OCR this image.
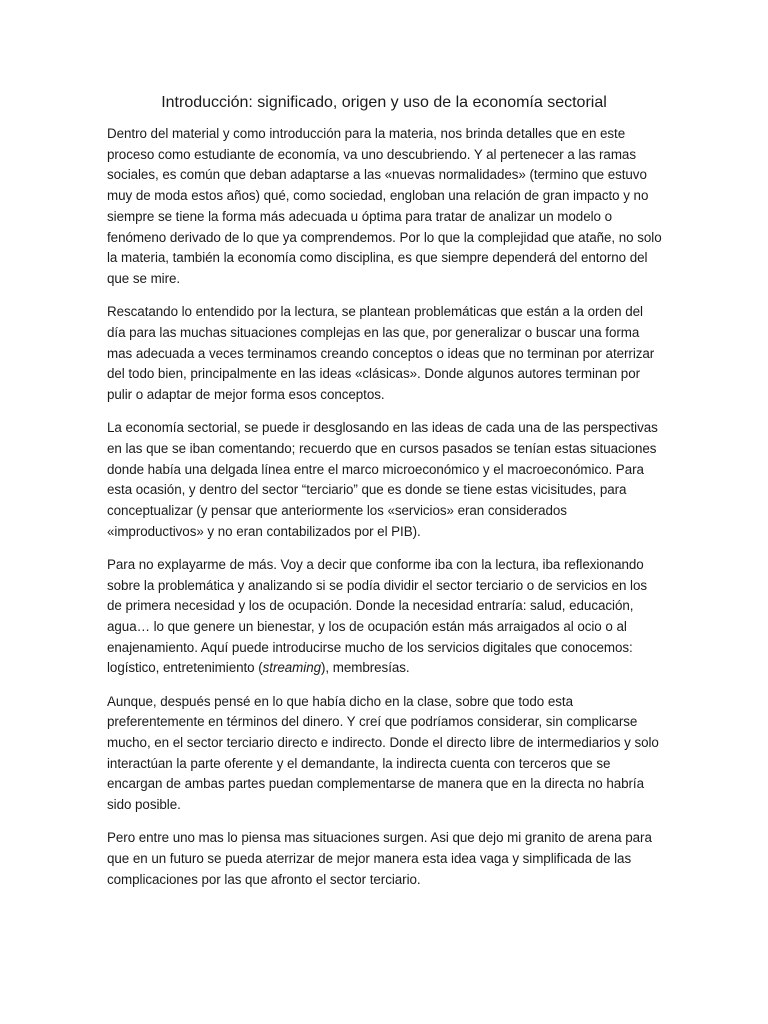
Introducción: significado, origen y uso de la economía sectorial

Dentro del material y como introducción para la materia, nos brinda detalles que en este proceso como estudiante de economía, va uno descubriendo. Y al pertenecer a las ramas sociales, es común que deban adaptarse a las «nuevas normalidades» (termino que estuvo muy de moda estos años) qué, como sociedad, engloban una relación de gran impacto y no siempre se tiene la forma más adecuada u óptima para tratar de analizar un modelo o fenómeno derivado de lo que ya comprendemos. Por lo que la complejidad que atañe, no solo la materia, también la economía como disciplina, es que siempre dependerá del entorno del que se mire.

Rescatando lo entendido por la lectura, se plantean problemáticas que están a la orden del día para las muchas situaciones complejas en las que, por generalizar o buscar una forma mas adecuada a veces terminamos creando conceptos o ideas que no terminan por aterrizar del todo bien, principalmente en las ideas «clásicas». Donde algunos autores terminan por pulir o adaptar de mejor forma esos conceptos.

La economía sectorial, se puede ir desglosando en las ideas de cada una de las perspectivas en las que se iban comentando; recuerdo que en cursos pasados se tenían estas situaciones donde había una delgada línea entre el marco microeconómico y el macroeconómico. Para esta ocasión, y dentro del sector “terciario” que es donde se tiene estas vicisitudes, para conceptualizar (y pensar que anteriormente los «servicios» eran considerados «improductivos» y no eran contabilizados por el PIB).

Para no explayarme de más. Voy a decir que conforme iba con la lectura, iba reflexionando sobre la problemática y analizando si se podía dividir el sector terciario o de servicios en los de primera necesidad y los de ocupación. Donde la necesidad entraría: salud, educación, agua… lo que genere un bienestar, y los de ocupación están más arraigados al ocio o al enajenamiento. Aquí puede introducirse mucho de los servicios digitales que conocemos: logístico, entretenimiento (streaming), membresías.

Aunque, después pensé en lo que había dicho en la clase, sobre que todo esta preferentemente en términos del dinero. Y creí que podríamos considerar, sin complicarse mucho, en el sector terciario directo e indirecto. Donde el directo libre de intermediarios y solo interactúan la parte oferente y el demandante, la indirecta cuenta con terceros que se encargan de ambas partes puedan complementarse de manera que en la directa no habría sido posible.

Pero entre uno mas lo piensa mas situaciones surgen. Asi que dejo mi granito de arena para que en un futuro se pueda aterrizar de mejor manera esta idea vaga y simplificada de las complicaciones por las que afronto el sector terciario.
